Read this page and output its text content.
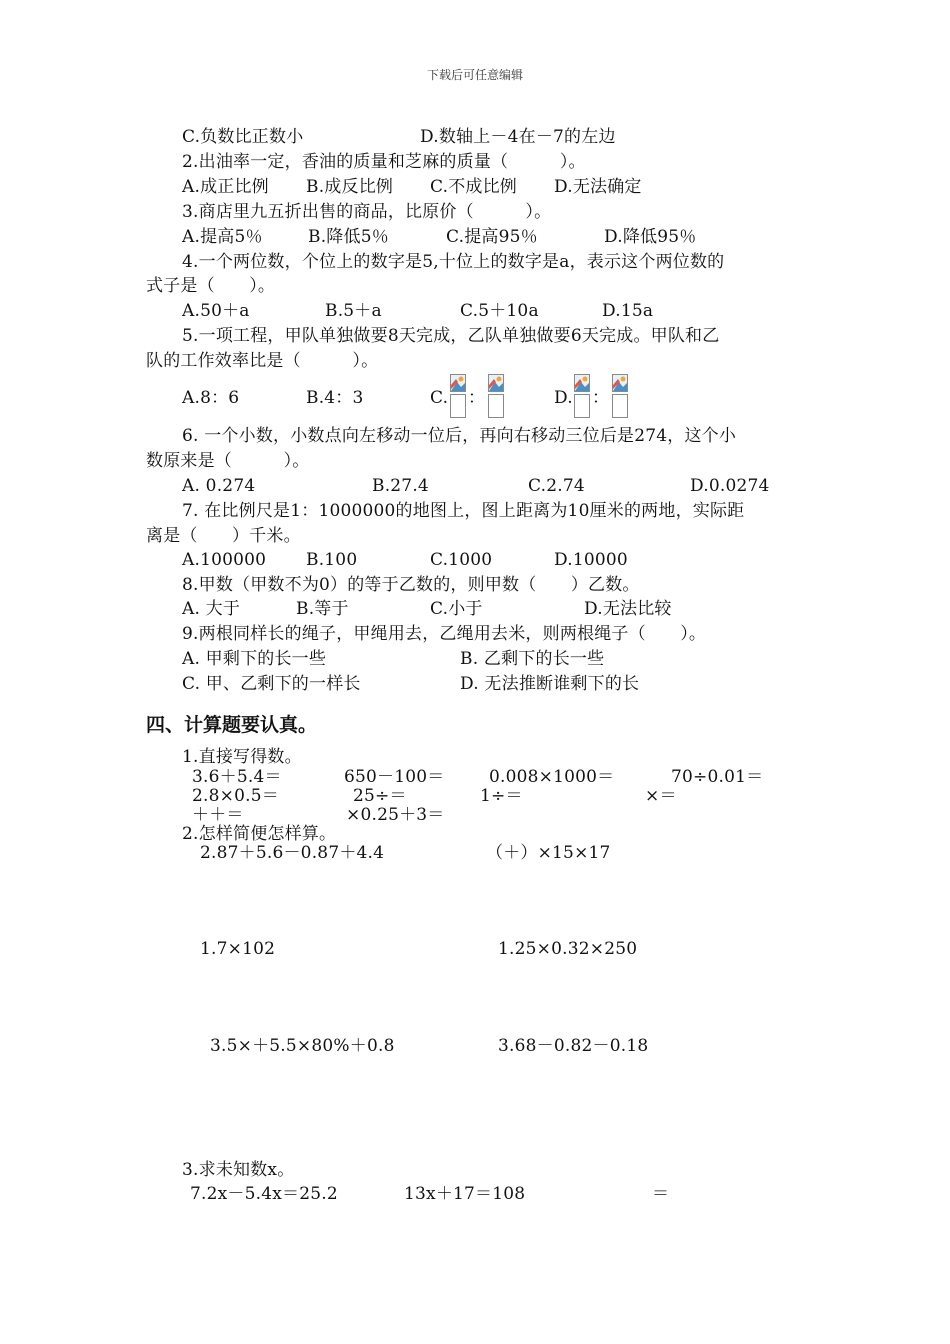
下载后可任意编辑
C.负数比正数小	D.数轴上－4在－7的左边
2.出油率一定，香油的质量和芝麻的质量（　　　）。
A.成正比例 B.成反比例 C.不成比例 D.无法确定
3.商店里九五折出售的商品，比原价（　　　）。
A.提高5％	B.降低5％	C.提高95％	D.降低95％
4.一个两位数，个位上的数字是5,十位上的数字是a，表示这个两位数的
式子是（　　）。
A.50＋a	B.5＋a	C.5＋10a	D.15a
5.一项工程，甲队单独做要8天完成，乙队单独做要6天完成。甲队和乙
队的工作效率比是（　　　）。
A.8：6	B.4：3	C. ：	D. ：
6. 一个小数，小数点向左移动一位后，再向右移动三位后是274，这个小
数原来是（　　　）。
A. 0.274	B.27.4	C.2.74	D.0.0274
7. 在比例尺是1：1000000的地图上，图上距离为10厘米的两地，实际距
离是（　　）千米。
A.100000 B.100	C.1000	D.10000
8.甲数（甲数不为0）的等于乙数的，则甲数（　　）乙数。
A. 大于	B.等于	C.小于	D.无法比较
9.两根同样长的绳子，甲绳用去，乙绳用去米，则两根绳子（　　）。
A. 甲剩下的长一些	B. 乙剩下的长一些
C. 甲、乙剩下的一样长	D. 无法推断谁剩下的长
四、计算题要认真。
1.直接写得数。
3.6＋5.4＝	650－100＝	0.008×1000＝	70÷0.01＝
2.8×0.5＝	25÷＝	1÷＝	×＝
＋＋＝	×0.25＋3＝
2.怎样简便怎样算。
2.87＋5.6－0.87＋4.4	（＋）×15×17
1.7×102	1.25×0.32×250
3.5×＋5.5×80%＋0.8	3.68－0.82－0.18
3.求未知数x。
7.2x－5.4x＝25.2	13x＋17＝108	＝
